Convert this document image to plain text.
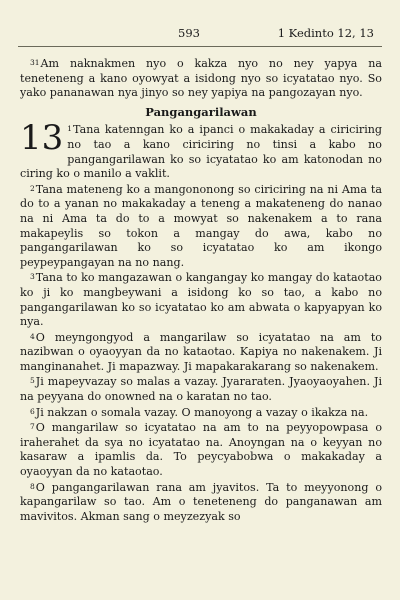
593	1 Kedinto 12, 13

31Am naknakmen nyo o kakza nyo no ney yapya na teneteneng a kano oyowyat a isidong nyo so icyatatao nyo. So yako pananawan nya jinyo so ney yapiya na pangozayan nyo.

Pangangarilawan

13 1Tana katenngan ko a ipanci o makakaday a ciriciring no tao a kano ciriciring no tinsi a kabo no pangangarilawan ko so icyatatao ko am katonodan no ciring ko o manilo a vaklit.

2Tana mateneng ko a mangononong so ciriciring na ni Ama ta do to a yanan no makakaday a teneng a makateneng do nanao na ni Ama ta do to a mowyat so nakenakem a to rana makapeylis so tokon a mangay do awa, kabo no pangangarilawan ko so icyatatao ko am ikongo peypeypangayan na no nang.

3Tana to ko mangazawan o kangangay ko mangay do kataotao ko ji ko mangbeywani a isidong ko so tao, a kabo no pangangarilawan ko so icyatatao ko am abwata o kapyapyan ko nya.

4O meyngongyod a mangarilaw so icyatatao na am to nazibwan o oyaoyyan da no kataotao. Kapiya no nakenakem. Ji manginanahet. Ji mapazway. Ji mapakarakarang so nakenakem.

5Ji mapeyvazay so malas a vazay. Jyararaten. Jyaoyaoyahen. Ji na peyyana do onowned na o karatan no tao.

6Ji nakzan o somala vazay. O manoyong a vazay o ikakza na.

7O mangarilaw so icyatatao na am to na peyyopowpasa o iraherahet da sya no icyatatao na. Anoyngan na o keyyan no kasaraw a ipamlis da. To peycyabobwa o makakaday a oyaoyyan da no kataotao.

8O pangangarilawan rana am jyavitos. Ta to meyyonong o kapangarilaw so tao. Am o teneteneng do panganawan am mavivitos. Akman sang o meyzezyak so
